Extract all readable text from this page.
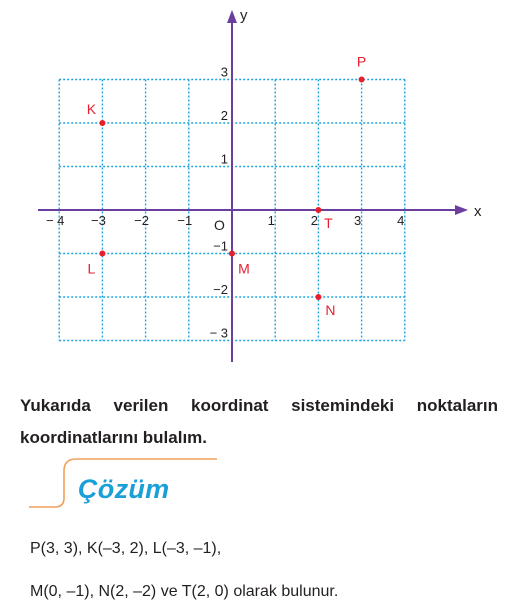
x
y
O
− 4 −3 −2 −1	1	2	3	4
3
2
1
−1
−2
− 3
P
K
L	M
N
T
Yukarıda verilen koordinat sistemindeki noktaların koordinatlarını bulalım.
Çözüm
P(3, 3), K(–3, 2), L(–3, –1),
M(0, –1), N(2, –2) ve T(2, 0) olarak bulunur.
